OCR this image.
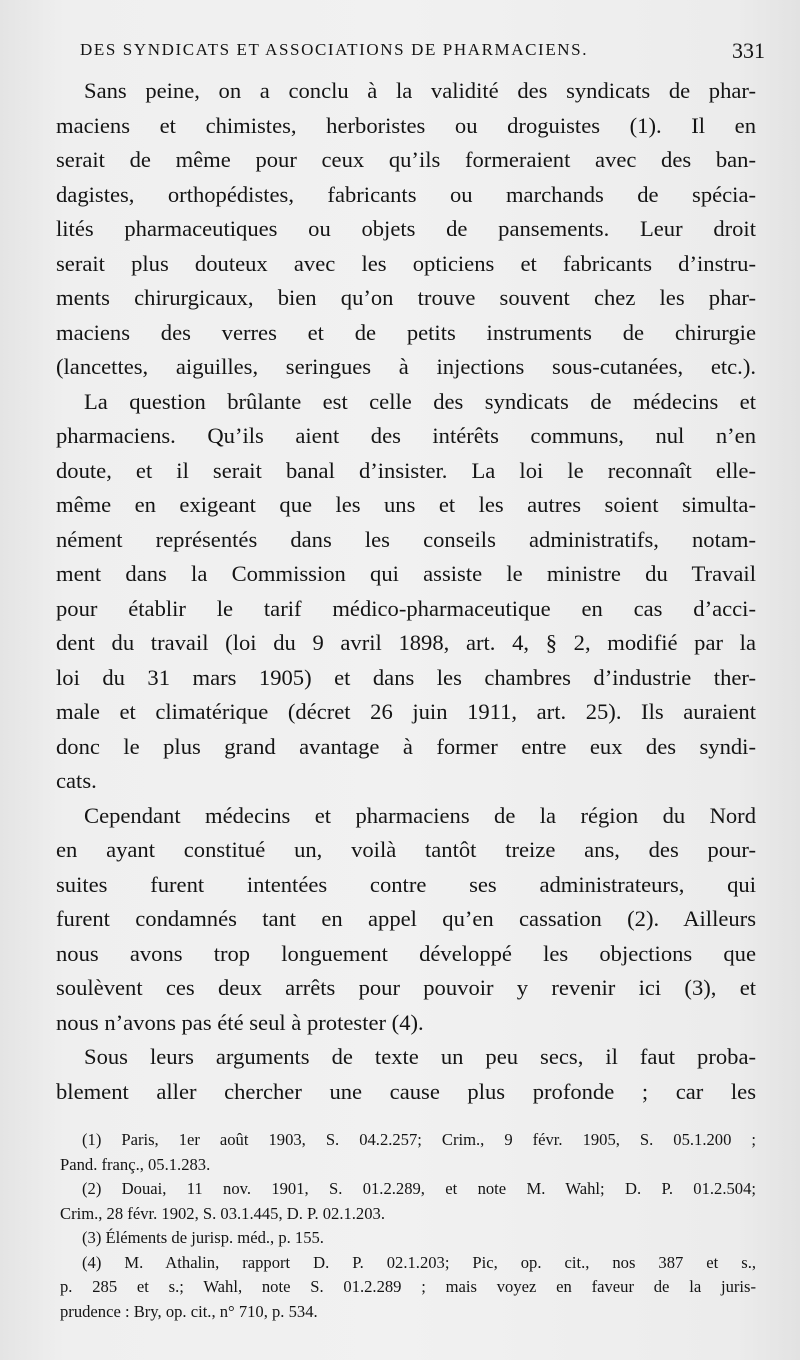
DES SYNDICATS ET ASSOCIATIONS DE PHARMACIENS.	331
Sans peine, on a conclu à la validité des syndicats de phar-
maciens et chimistes, herboristes ou droguistes (1). Il en
serait de même pour ceux qu’ils formeraient avec des ban-
dagistes, orthopédistes, fabricants ou marchands de spécia-
lités pharmaceutiques ou objets de pansements. Leur droit
serait plus douteux avec les opticiens et fabricants d’instru-
ments chirurgicaux, bien qu’on trouve souvent chez les phar-
maciens des verres et de petits instruments de chirurgie
(lancettes, aiguilles, seringues à injections sous-cutanées, etc.).
La question brûlante est celle des syndicats de médecins et
pharmaciens. Qu’ils aient des intérêts communs, nul n’en
doute, et il serait banal d’insister. La loi le reconnaît elle-
même en exigeant que les uns et les autres soient simulta-
nément représentés dans les conseils administratifs, notam-
ment dans la Commission qui assiste le ministre du Travail
pour établir le tarif médico-pharmaceutique en cas d’acci-
dent du travail (loi du 9 avril 1898, art. 4, § 2, modifié par la
loi du 31 mars 1905) et dans les chambres d’industrie ther-
male et climatérique (décret 26 juin 1911, art. 25). Ils auraient
donc le plus grand avantage à former entre eux des syndi-
cats.
Cependant médecins et pharmaciens de la région du Nord
en ayant constitué un, voilà tantôt treize ans, des pour-
suites furent intentées contre ses administrateurs, qui
furent condamnés tant en appel qu’en cassation (2). Ailleurs
nous avons trop longuement développé les objections que
soulèvent ces deux arrêts pour pouvoir y revenir ici (3), et
nous n’avons pas été seul à protester (4).
Sous leurs arguments de texte un peu secs, il faut proba-
blement aller chercher une cause plus profonde ; car les
(1) Paris, 1er août 1903, S. 04.2.257; Crim., 9 févr. 1905, S. 05.1.200 ;
Pand. franç., 05.1.283.
(2) Douai, 11 nov. 1901, S. 01.2.289, et note M. Wahl; D. P. 01.2.504;
Crim., 28 févr. 1902, S. 03.1.445, D. P. 02.1.203.
(3) Éléments de jurisp. méd., p. 155.
(4) M. Athalin, rapport D. P. 02.1.203; Pic, op. cit., nos 387 et s.,
p. 285 et s.; Wahl, note S. 01.2.289 ; mais voyez en faveur de la juris-
prudence : Bry, op. cit., n° 710, p. 534.
